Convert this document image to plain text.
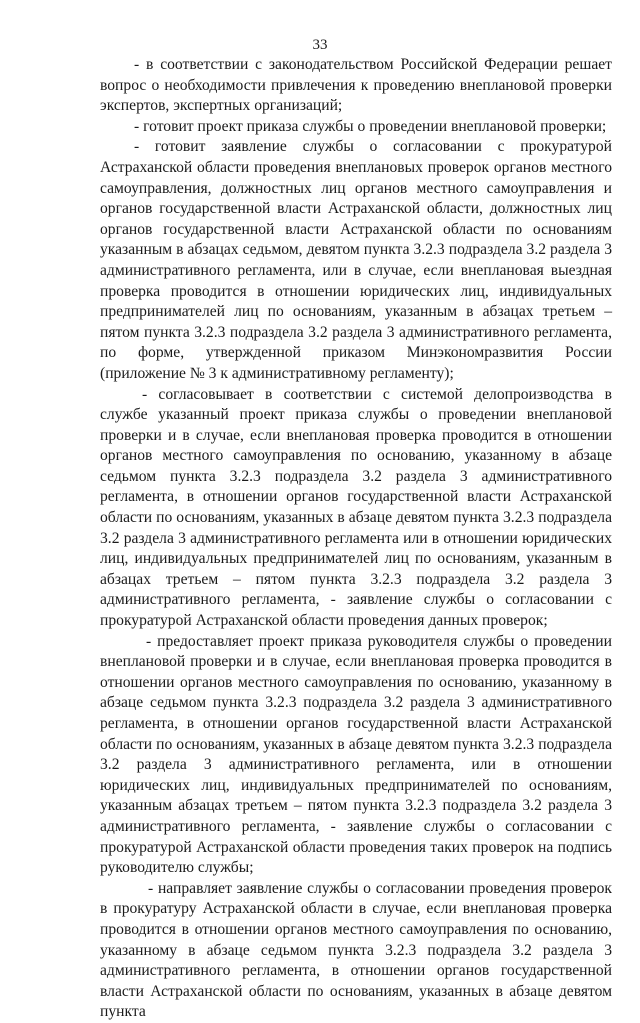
33

- в соответствии с законодательством Российской Федерации решает вопрос о необходимости привлечения к проведению внеплановой проверки экспертов, экспертных организаций;

- готовит проект приказа службы о проведении внеплановой проверки;

- готовит заявление службы о согласовании с прокуратурой Астраханской области проведения внеплановых проверок органов местного самоуправления, должностных лиц органов местного самоуправления и органов государственной власти Астраханской области, должностных лиц органов государственной власти Астраханской области по основаниям указанным в абзацах седьмом, девятом пункта 3.2.3 подраздела 3.2 раздела 3 административного регламента, или в случае, если внеплановая выездная проверка проводится в отношении юридических лиц, индивидуальных предпринимателей лиц по основаниям, указанным в абзацах третьем – пятом пункта 3.2.3 подраздела 3.2 раздела 3 административного регламента, по форме, утвержденной приказом Минэкономразвития России (приложение № 3 к административному регламенту);

- согласовывает в соответствии с системой делопроизводства в службе указанный проект приказа службы о проведении внеплановой проверки и в случае, если внеплановая проверка проводится в отношении органов местного самоуправления по основанию, указанному в абзаце седьмом пункта 3.2.3 подраздела 3.2 раздела 3 административного регламента, в отношении органов государственной власти Астраханской области по основаниям, указанных в абзаце девятом пункта 3.2.3 подраздела 3.2 раздела 3 административного регламента или в отношении юридических лиц, индивидуальных предпринимателей лиц по основаниям, указанным в абзацах третьем – пятом пункта 3.2.3 подраздела 3.2 раздела 3 административного регламента, - заявление службы о согласовании с прокуратурой Астраханской области проведения данных проверок;

- предоставляет проект приказа руководителя службы о проведении внеплановой проверки и в случае, если внеплановая проверка проводится в отношении органов местного самоуправления по основанию, указанному в абзаце седьмом пункта 3.2.3 подраздела 3.2 раздела 3 административного регламента, в отношении органов государственной власти Астраханской области по основаниям, указанных в абзаце девятом пункта 3.2.3 подраздела 3.2 раздела 3 административного регламента, или в отношении юридических лиц, индивидуальных предпринимателей по основаниям, указанным абзацах третьем – пятом пункта 3.2.3 подраздела 3.2 раздела 3 административного регламента, - заявление службы о согласовании с прокуратурой Астраханской области проведения таких проверок на подпись руководителю службы;

- направляет заявление службы о согласовании проведения проверок в прокуратуру Астраханской области в случае, если внеплановая проверка проводится в отношении органов местного самоуправления по основанию, указанному в абзаце седьмом пункта 3.2.3 подраздела 3.2 раздела 3 административного регламента, в отношении органов государственной власти Астраханской области по основаниям, указанных в абзаце девятом пункта
